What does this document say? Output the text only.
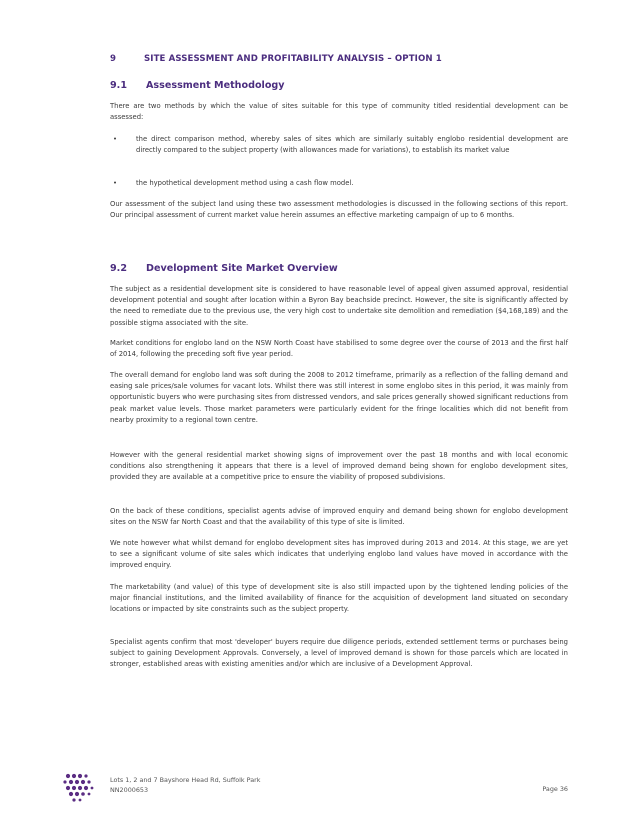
9	SITE ASSESSMENT AND PROFITABILITY ANALYSIS – OPTION 1
9.1 Assessment Methodology

There are two methods by which the value of sites suitable for this type of community titled residential development can be assessed:

•	the direct comparison method, whereby sales of sites which are similarly suitably englobo residential development are directly compared to the subject property (with allowances made for variations), to establish its market value
•	the hypothetical development method using a cash flow model.

Our assessment of the subject land using these two assessment methodologies is discussed in the following sections of this report. Our principal assessment of current market value herein assumes an effective marketing campaign of up to 6 months.

9.2 Development Site Market Overview

The subject as a residential development site is considered to have reasonable level of appeal given assumed approval, residential development potential and sought after location within a Byron Bay beachside precinct. However, the site is significantly affected by the need to remediate due to the previous use, the very high cost to undertake site demolition and remediation ($4,168,189) and the possible stigma associated with the site.

Market conditions for englobo land on the NSW North Coast have stabilised to some degree over the course of 2013 and the first half of 2014, following the preceding soft five year period.

The overall demand for englobo land was soft during the 2008 to 2012 timeframe, primarily as a reflection of the falling demand and easing sale prices/sale volumes for vacant lots. Whilst there was still interest in some englobo sites in this period, it was mainly from opportunistic buyers who were purchasing sites from distressed vendors, and sale prices generally showed significant reductions from peak market value levels. Those market parameters were particularly evident for the fringe localities which did not benefit from nearby proximity to a regional town centre.

However with the general residential market showing signs of improvement over the past 18 months and with local economic conditions also strengthening it appears that there is a level of improved demand being shown for englobo development sites, provided they are available at a competitive price to ensure the viability of proposed subdivisions.

On the back of these conditions, specialist agents advise of improved enquiry and demand being shown for englobo development sites on the NSW far North Coast and that the availability of this type of site is limited.

We note however what whilst demand for englobo development sites has improved during 2013 and 2014. At this stage, we are yet to see a significant volume of site sales which indicates that underlying englobo land values have moved in accordance with the improved enquiry.

The marketability (and value) of this type of development site is also still impacted upon by the tightened lending policies of the major financial institutions, and the limited availability of finance for the acquisition of development land situated on secondary locations or impacted by site constraints such as the subject property.

Specialist agents confirm that most 'developer' buyers require due diligence periods, extended settlement terms or purchases being subject to gaining Development Approvals. Conversely, a level of improved demand is shown for those parcels which are located in stronger, established areas with existing amenities and/or which are inclusive of a Development Approval.

Lots 1, 2 and 7 Bayshore Head Rd, Suffolk Park
NN2000653	Page 36
